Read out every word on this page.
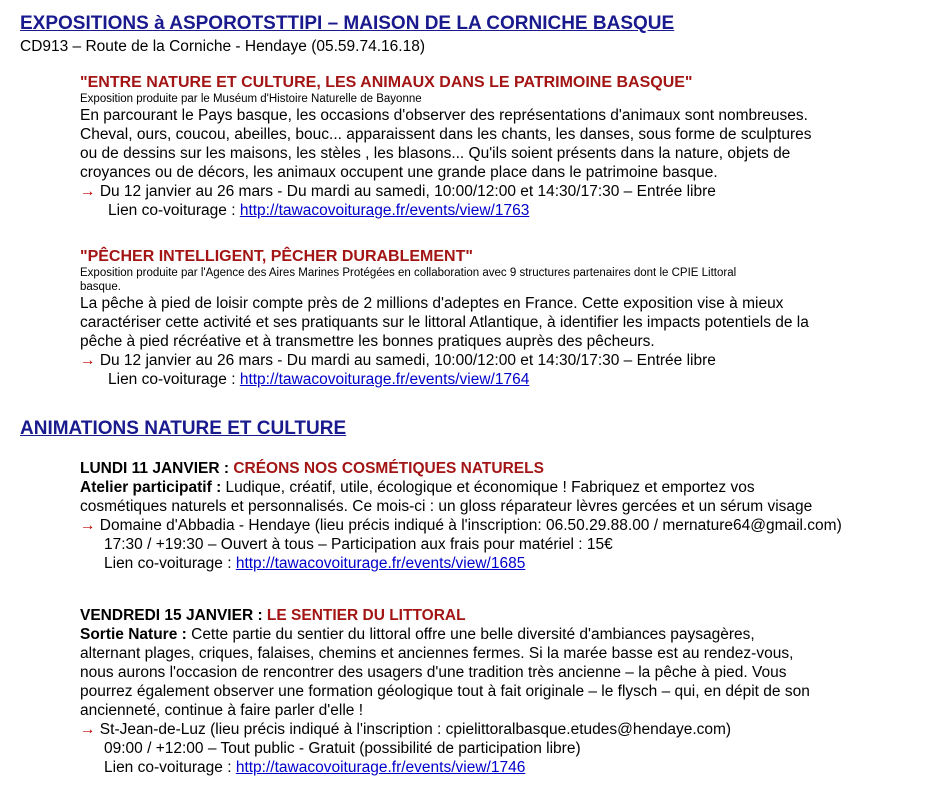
EXPOSITIONS à ASPOROTSTTIPI – MAISON DE LA CORNICHE BASQUE
CD913 – Route de la Corniche - Hendaye (05.59.74.16.18)
"ENTRE NATURE ET CULTURE, LES ANIMAUX DANS LE PATRIMOINE BASQUE"
Exposition produite par le Muséum d'Histoire Naturelle de Bayonne
En parcourant le Pays basque, les occasions d'observer des représentations d'animaux sont nombreuses.
Cheval, ours, coucou, abeilles, bouc... apparaissent dans les chants, les danses, sous forme de sculptures
ou de dessins sur les maisons, les stèles , les blasons... Qu'ils soient présents dans la nature, objets de
croyances ou de décors, les animaux occupent une grande place dans le patrimoine basque.
→ Du 12 janvier au 26 mars - Du mardi au samedi, 10:00/12:00 et 14:30/17:30 – Entrée libre
Lien co-voiturage : http://tawacovoiturage.fr/events/view/1763
"PÊCHER INTELLIGENT, PÊCHER DURABLEMENT"
Exposition produite par l'Agence des Aires Marines Protégées en collaboration avec 9 structures partenaires dont le CPIE Littoral
basque.
La pêche à pied de loisir compte près de 2 millions d'adeptes en France. Cette exposition vise à mieux
caractériser cette activité et ses pratiquants sur le littoral Atlantique, à identifier les impacts potentiels de la
pêche à pied récréative et à transmettre les bonnes pratiques auprès des pêcheurs.
→ Du 12 janvier au 26 mars - Du mardi au samedi, 10:00/12:00 et 14:30/17:30 – Entrée libre
Lien co-voiturage : http://tawacovoiturage.fr/events/view/1764
ANIMATIONS NATURE ET CULTURE
LUNDI 11 JANVIER : CRÉONS NOS COSMÉTIQUES NATURELS
Atelier participatif : Ludique, créatif, utile, écologique et économique ! Fabriquez et emportez vos
cosmétiques naturels et personnalisés. Ce mois-ci : un gloss réparateur lèvres gercées et un sérum visage
→ Domaine d'Abbadia - Hendaye (lieu précis indiqué à l'inscription: 06.50.29.88.00 / mernature64@gmail.com)
17:30 / +19:30 – Ouvert à tous – Participation aux frais pour matériel : 15€
Lien co-voiturage : http://tawacovoiturage.fr/events/view/1685
VENDREDI 15 JANVIER : LE SENTIER DU LITTORAL
Sortie Nature : Cette partie du sentier du littoral offre une belle diversité d'ambiances paysagères,
alternant plages, criques, falaises, chemins et anciennes fermes. Si la marée basse est au rendez-vous,
nous aurons l'occasion de rencontrer des usagers d'une tradition très ancienne – la pêche à pied. Vous
pourrez également observer une formation géologique tout à fait originale – le flysch – qui, en dépit de son
ancienneté, continue à faire parler d'elle !
→ St-Jean-de-Luz (lieu précis indiqué à l'inscription : cpielittoralbasque.etudes@hendaye.com)
09:00 / +12:00 – Tout public - Gratuit (possibilité de participation libre)
Lien co-voiturage : http://tawacovoiturage.fr/events/view/1746
